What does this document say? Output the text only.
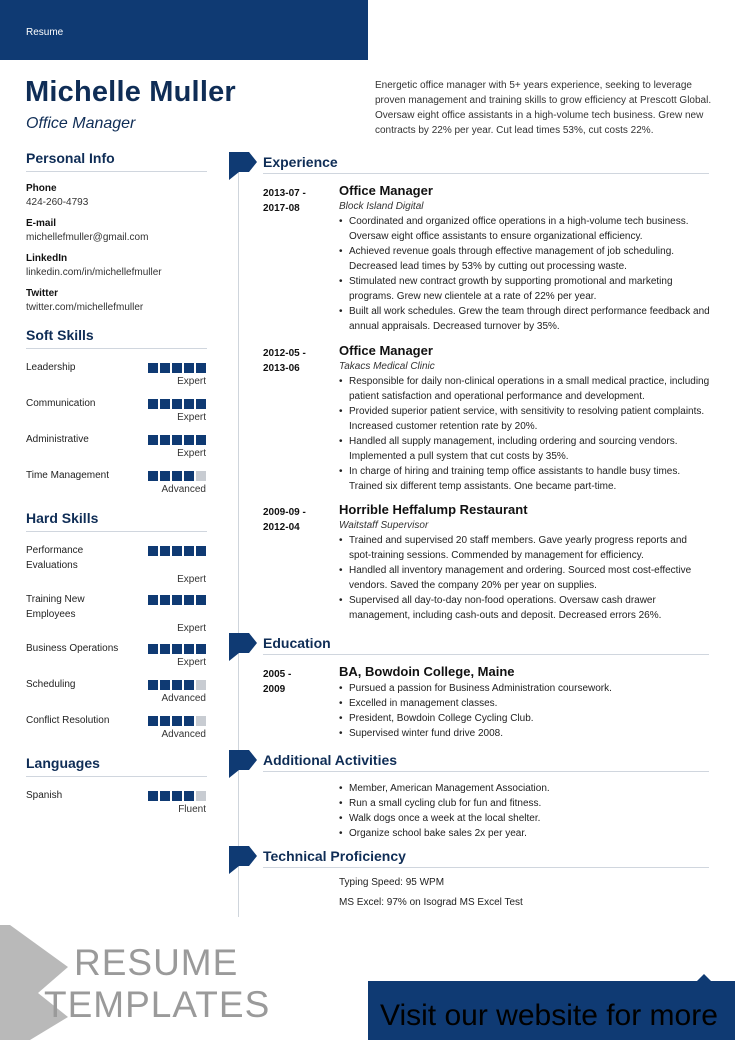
Resume
Michelle Muller
Office Manager
Energetic office manager with 5+ years experience, seeking to leverage proven management and training skills to grow efficiency at Prescott Global. Oversaw eight office assistants in a high-volume tech business. Grew new contracts by 22% per year. Cut lead times 53%, cut costs 22%.
Personal Info
Phone
424-260-4793
E-mail
michellefmuller@gmail.com
LinkedIn
linkedin.com/in/michellefmuller
Twitter
twitter.com/michellefmuller
Soft Skills
Leadership
Expert
Communication
Expert
Administrative
Expert
Time Management
Advanced
Hard Skills
Performance Evaluations
Expert
Training New Employees
Expert
Business Operations
Expert
Scheduling
Advanced
Conflict Resolution
Advanced
Languages
Spanish
Fluent
Experience
2013-07 -
2017-08
Office Manager
Block Island Digital
• Coordinated and organized office operations in a high-volume tech business. Oversaw eight office assistants to ensure organizational efficiency.
• Achieved revenue goals through effective management of job scheduling. Decreased lead times by 53% by cutting out processing waste.
• Stimulated new contract growth by supporting promotional and marketing programs. Grew new clientele at a rate of 22% per year.
• Built all work schedules. Grew the team through direct performance feedback and annual appraisals. Decreased turnover by 35%.
2012-05 -
2013-06
Office Manager
Takacs Medical Clinic
• Responsible for daily non-clinical operations in a small medical practice, including patient satisfaction and operational performance and development.
• Provided superior patient service, with sensitivity to resolving patient complaints. Increased customer retention rate by 20%.
• Handled all supply management, including ordering and sourcing vendors. Implemented a pull system that cut costs by 35%.
• In charge of hiring and training temp office assistants to handle busy times. Trained six different temp assistants. One became part-time.
2009-09 -
2012-04
Horrible Heffalump Restaurant
Waitstaff Supervisor
• Trained and supervised 20 staff members. Gave yearly progress reports and spot-training sessions. Commended by management for efficiency.
• Handled all inventory management and ordering. Sourced most cost-effective vendors. Saved the company 20% per year on supplies.
• Supervised all day-to-day non-food operations. Oversaw cash drawer management, including cash-outs and deposit. Decreased errors 26%.
Education
2005 -
2009
BA, Bowdoin College, Maine
• Pursued a passion for Business Administration coursework.
• Excelled in management classes.
• President, Bowdoin College Cycling Club.
• Supervised winter fund drive 2008.
Additional Activities
• Member, American Management Association.
• Run a small cycling club for fun and fitness.
• Walk dogs once a week at the local shelter.
• Organize school bake sales 2x per year.
Technical Proficiency
Typing Speed: 95 WPM
MS Excel: 97% on Isograd MS Excel Test
RESUME
TEMPLATES	Visit our website for more
